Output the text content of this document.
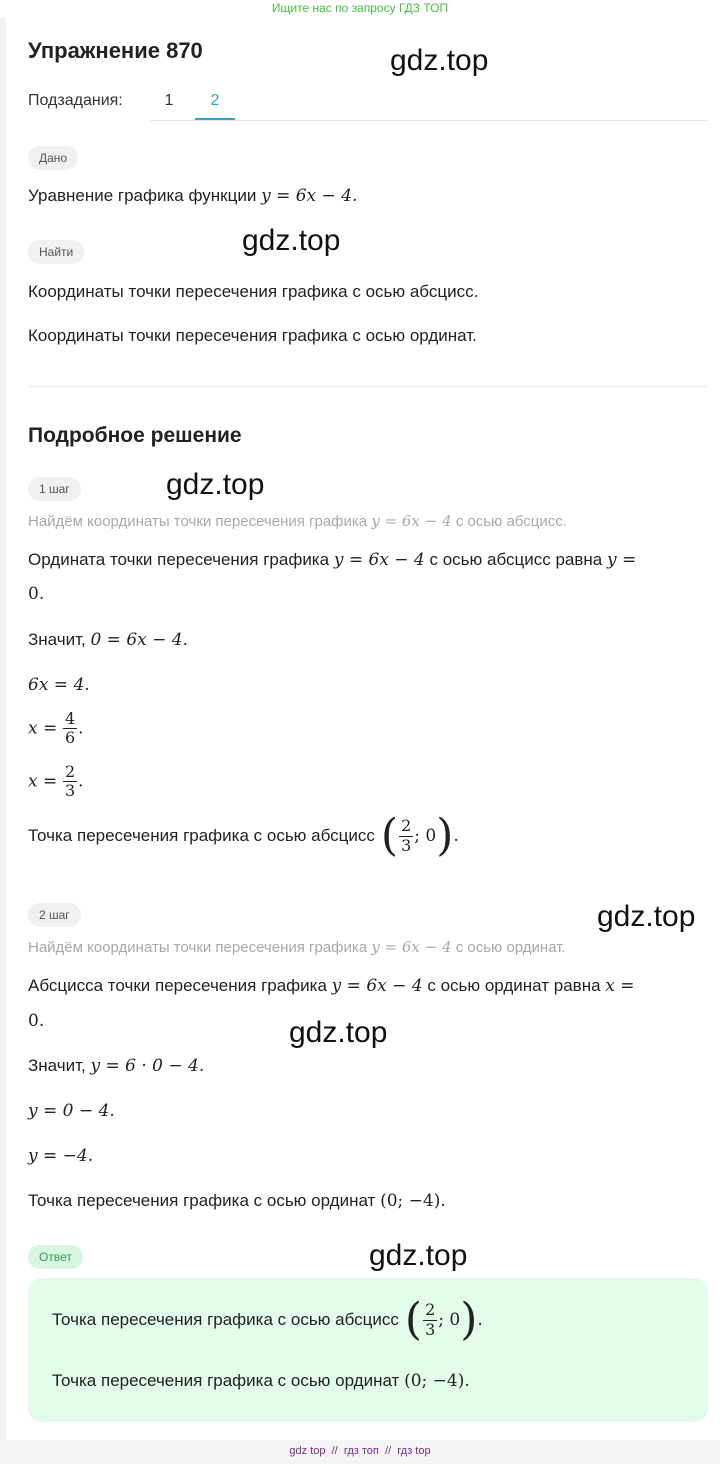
Ищите нас по запросу ГДЗ ТОП
Упражнение 870
Подзадания:	1	2
Дано
Уравнение графика функции y = 6x − 4.
Найти
Координаты точки пересечения графика с осью абсцисс.
Координаты точки пересечения графика с осью ординат.
Подробное решение
1 шаг
Найдём координаты точки пересечения графика y = 6x − 4 с осью абсцисс.
Ордината точки пересечения графика y = 6x − 4 с осью абсцисс равна y =
0.
Значит, 0 = 6x − 4.
6x = 4.
$x = \frac{4}{6}$ .
$x = \frac{2}{3}$ .
Точка пересечения графика с осью абсцисс ( $\frac{2}{3}$ ; 0 ) .
2 шаг
Найдём координаты точки пересечения графика y = 6x − 4 с осью ординат.
Абсцисса точки пересечения графика y = 6x − 4 с осью ординат равна x =
0.
Значит, y = 6 · 0 − 4.
y = 0 − 4.
y = −4.
Точка пересечения графика с осью ординат (0; −4).
Ответ
Точка пересечения графика с осью абсцисс ( $\frac{2}{3}$ ; 0 ) .
Точка пересечения графика с осью ординат (0; −4).
gdz.top
gdz.top
gdz.top
gdz.top
gdz.top
gdz.top
gdz top // гдз топ // гдз top
